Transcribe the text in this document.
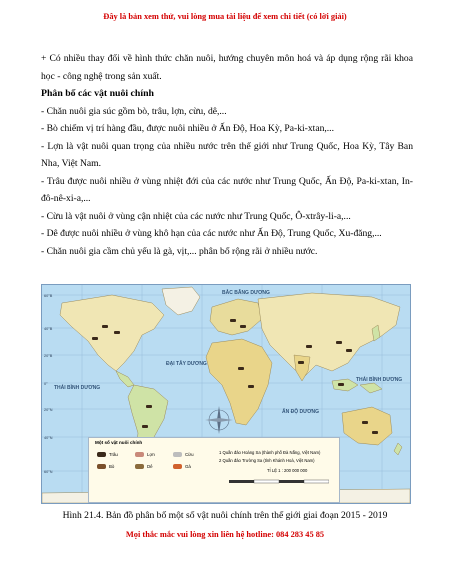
Đây là bản xem thử, vui lòng mua tài liệu để xem chi tiết (có lời giải)

+ Có nhiều thay đổi về hình thức chăn nuôi, hướng chuyên môn hoá và áp dụng rộng rãi khoa học - công nghệ trong sản xuất.

Phân bố các vật nuôi chính

- Chăn nuôi gia súc gồm bò, trâu, lợn, cừu, dê,...

- Bò chiếm vị trí hàng đầu, được nuôi nhiều ở Ấn Độ, Hoa Kỳ, Pa-ki-xtan,...

- Lợn là vật nuôi quan trọng của nhiều nước trên thế giới như Trung Quốc, Hoa Kỳ, Tây Ban Nha, Việt Nam.

- Trâu được nuôi nhiều ở vùng nhiệt đới của các nước như Trung Quốc, Ấn Độ, Pa-ki-xtan, In-đô-nê-xi-a,...

- Cừu là vật nuôi ở vùng cận nhiệt của các nước như Trung Quốc, Ô-xtrây-li-a,...

- Dê được nuôi nhiều ở vùng khô hạn của các nước như Ấn Độ, Trung Quốc, Xu-đăng,...

- Chăn nuôi gia cầm chủ yếu là gà, vịt,... phân bố rộng rãi ở nhiều nước.

BẮC BĂNG DƯƠNG
THÁI BÌNH DƯƠNG
ĐẠI TÂY DƯƠNG
ẤN ĐỘ DƯƠNG
THÁI BÌNH DƯƠNG
60°B
40°B
20°B
0°
20°N
40°N
60°N
Một số vật nuôi chính
Trâu	Lợn	Cừu
Bò	Dê	Gà
1 Quần đảo Hoàng Sa (thành phố Đà Nẵng, Việt Nam)
2 Quần đảo Trường Sa (tỉnh Khánh Hoà, Việt Nam)
TỈ LỆ 1 : 200 000 000
Hình 21.4. Bản đồ phân bố một số vật nuôi chính trên thế giới giai đoạn 2015 - 2019
Mọi thắc mắc vui lòng xin liên hệ hotline: 084 283 45 85
